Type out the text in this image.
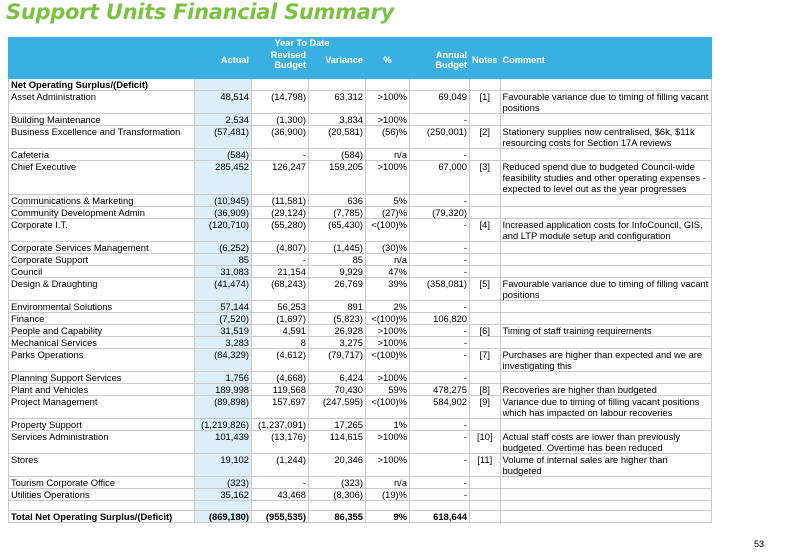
Support Units Financial Summary
	Year To Date						
	Actual	Revised Budget	Variance	%	Annual Budget	Notes	Comment

Net Operating Surplus/(Deficit)							
Asset Administration	48,514	(14,798)	63,312	>100%	69,049	[1]	Favourable variance due to timing of filling vacant positions
Building Maintenance	2,534	(1,300)	3,834	>100%	-		
Business Excellence and Transformation	(57,481)	(36,900)	(20,581)	(56)%	(250,001)	[2]	Stationery supplies now centralised, $6k, $11k resourcing costs for Section 17A reviews
Cafeteria	(584)	-	(584)	n/a	-		
Chief Executive	285,452	126,247	159,205	>100%	67,000	[3]	Reduced spend due to budgeted Council-wide feasibility studies and other operating expenses - expected to level out as the year progresses
Communications & Marketing	(10,945)	(11,581)	636	5%	-		
Community Development Admin	(36,909)	(29,124)	(7,785)	(27)%	(79,320)		
Corporate I.T.	(120,710)	(55,280)	(65,430)	<(100)%	-	[4]	Increased application costs for InfoCouncil, GIS, and LTP module setup and configuration
Corporate Services Management	(6,252)	(4,807)	(1,445)	(30)%	-		
Corporate Support	85	-	85	n/a	-		
Council	31,083	21,154	9,929	47%	-		
Design & Draughting	(41,474)	(68,243)	26,769	39%	(358,081)	[5]	Favourable variance due to timing of filling vacant positions
Environmental Solutions	57,144	56,253	891	2%	-		
Finance	(7,520)	(1,697)	(5,823)	<(100)%	106,820		
People and Capability	31,519	4,591	26,928	>100%	-	[6]	Timing of staff training requirements
Mechanical Services	3,283	8	3,275	>100%	-		
Parks Operations	(84,329)	(4,612)	(79,717)	<(100)%	-	[7]	Purchases are higher than expected and we are investigating this
Planning Support Services	1,756	(4,668)	6,424	>100%	-		
Plant and Vehicles	189,998	119,568	70,430	59%	478,275	[8]	Recoveries are higher than budgeted
Project Management	(89,898)	157,697	(247,595)	<(100)%	584,902	[9]	Variance due to timing of filling vacant positions which has impacted on labour recoveries
Property Support	(1,219,826)	(1,237,091)	17,265	1%	-		
Services Administration	101,439	(13,176)	114,615	>100%	-	[10]	Actual staff costs are lower than previously budgeted. Overtime has been reduced
Stores	19,102	(1,244)	20,346	>100%	-	[11]	Volume of internal sales are higher than budgeted
Tourism Corporate Office	(323)	-	(323)	n/a	-		
Utilities Operations	35,162	43,468	(8,306)	(19)%	-		

Total Net Operating Surplus/(Deficit)	(869,180)	(955,535)	86,355	9%	618,644		
53
